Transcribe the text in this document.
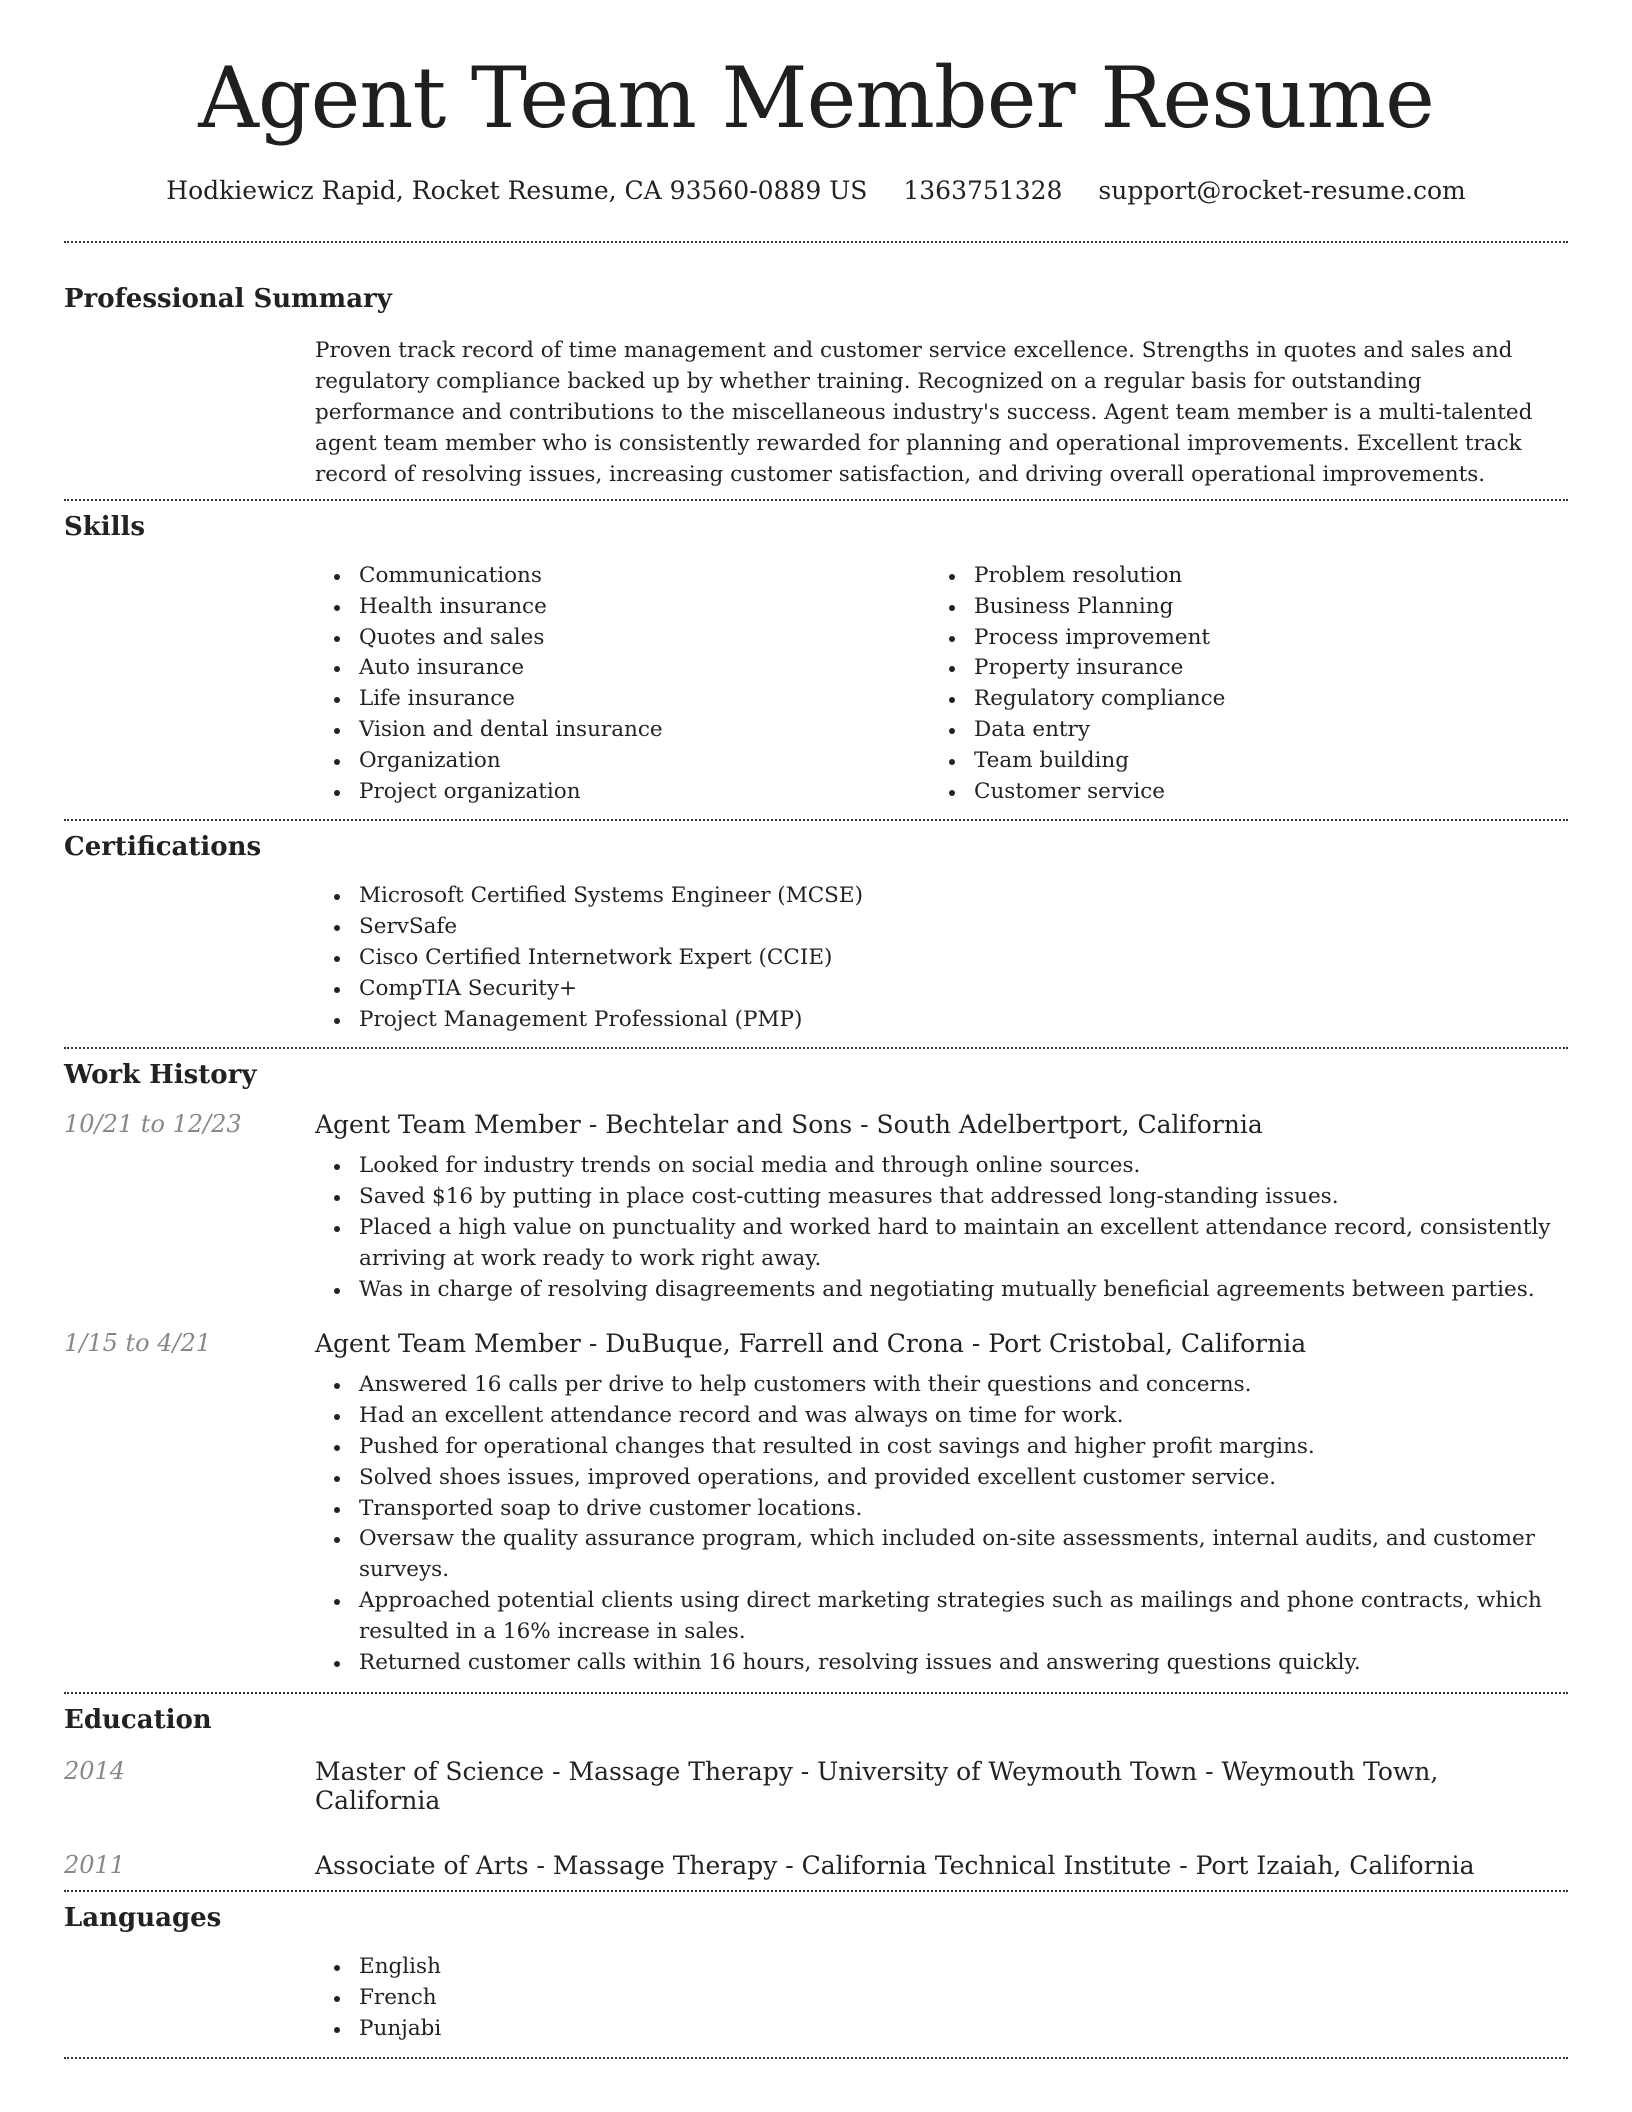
Agent Team Member Resume
Hodkiewicz Rapid, Rocket Resume, CA 93560-0889 US 1363751328 support@rocket-resume.com
Professional Summary

Proven track record of time management and customer service excellence. Strengths in quotes and sales and regulatory compliance backed up by whether training. Recognized on a regular basis for outstanding performance and contributions to the miscellaneous industry's success. Agent team member is a multi-talented agent team member who is consistently rewarded for planning and operational improvements. Excellent track record of resolving issues, increasing customer satisfaction, and driving overall operational improvements.

Skills
Communications
Health insurance
Quotes and sales
Auto insurance
Life insurance
Vision and dental insurance
Organization
Project organization
Problem resolution
Business Planning
Process improvement
Property insurance
Regulatory compliance
Data entry
Team building
Customer service
Certifications
Microsoft Certified Systems Engineer (MCSE)
ServSafe
Cisco Certified Internetwork Expert (CCIE)
CompTIA Security+
Project Management Professional (PMP)
Work History
10/21 to 12/23	Agent Team Member - Bechtelar and Sons - South Adelbertport, California
Looked for industry trends on social media and through online sources.
Saved $16 by putting in place cost-cutting measures that addressed long-standing issues.
Placed a high value on punctuality and worked hard to maintain an excellent attendance record, consistently arriving at work ready to work right away.
Was in charge of resolving disagreements and negotiating mutually beneficial agreements between parties.
1/15 to 4/21	Agent Team Member - DuBuque, Farrell and Crona - Port Cristobal, California
Answered 16 calls per drive to help customers with their questions and concerns.
Had an excellent attendance record and was always on time for work.
Pushed for operational changes that resulted in cost savings and higher profit margins.
Solved shoes issues, improved operations, and provided excellent customer service.
Transported soap to drive customer locations.
Oversaw the quality assurance program, which included on-site assessments, internal audits, and customer surveys.
Approached potential clients using direct marketing strategies such as mailings and phone contracts, which resulted in a 16% increase in sales.
Returned customer calls within 16 hours, resolving issues and answering questions quickly.
Education
2014	Master of Science - Massage Therapy - University of Weymouth Town - Weymouth Town, California
2011	Associate of Arts - Massage Therapy - California Technical Institute - Port Izaiah, California
Languages
English
French
Punjabi
